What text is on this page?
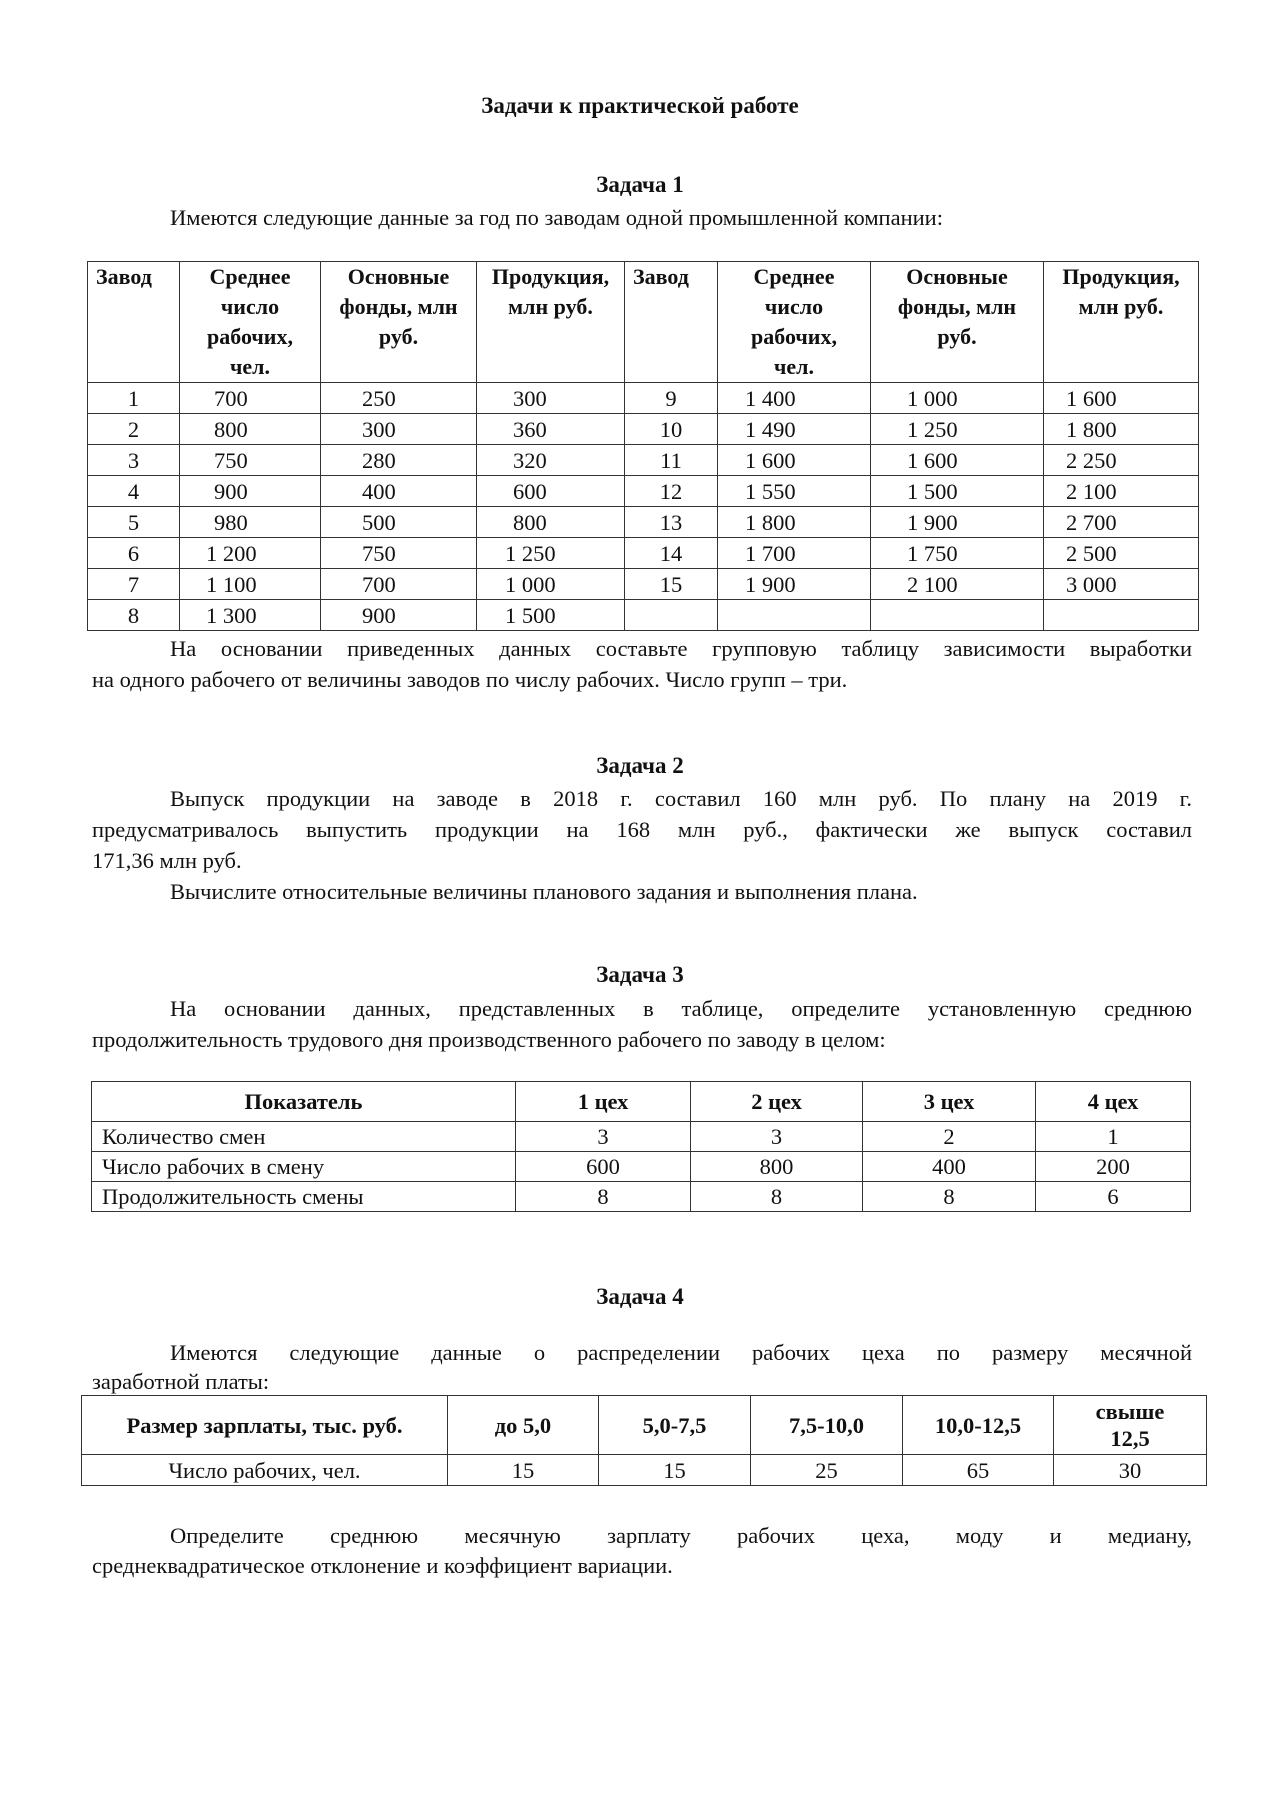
Задачи к практической работе
Задача 1
Имеются следующие данные за год по заводам одной промышленной компании:
Завод	Среднее число рабочих, чел.	Основные фонды, млн руб.	Продукция, млн руб.	Завод	Среднее число рабочих, чел.	Основные фонды, млн руб.	Продукция, млн руб.
1	700	250	300	9	1 400	1 000	1 600
2	800	300	360	10	1 490	1 250	1 800
3	750	280	320	11	1 600	1 600	2 250
4	900	400	600	12	1 550	1 500	2 100
5	980	500	800	13	1 800	1 900	2 700
6	1 200	750	1 250	14	1 700	1 750	2 500
7	1 100	700	1 000	15	1 900	2 100	3 000
8	1 300	900	1 500				
На основании приведенных данных составьте групповую таблицу зависимости выработки
на одного рабочего от величины заводов по числу рабочих. Число групп – три.
Задача 2
Выпуск продукции на заводе в 2018 г. составил 160 млн руб. По плану на 2019 г.
предусматривалось выпустить продукции на 168 млн руб., фактически же выпуск составил
171,36 млн руб.
Вычислите относительные величины планового задания и выполнения плана.
Задача 3
На основании данных, представленных в таблице, определите установленную среднюю
продолжительность трудового дня производственного рабочего по заводу в целом:
Показатель	1 цех	2 цех	3 цех	4 цех
Количество смен	3	3	2	1
Число рабочих в смену	600	800	400	200
Продолжительность смены	8	8	8	6
Задача 4
Имеются следующие данные о распределении рабочих цеха по размеру месячной
заработной платы:
Размер зарплаты, тыс. руб.	до 5,0	5,0-7,5	7,5-10,0	10,0-12,5	свыше 12,5
Число рабочих, чел.	15	15	25	65	30
Определите среднюю месячную зарплату рабочих цеха, моду и медиану,
среднеквадратическое отклонение и коэффициент вариации.
